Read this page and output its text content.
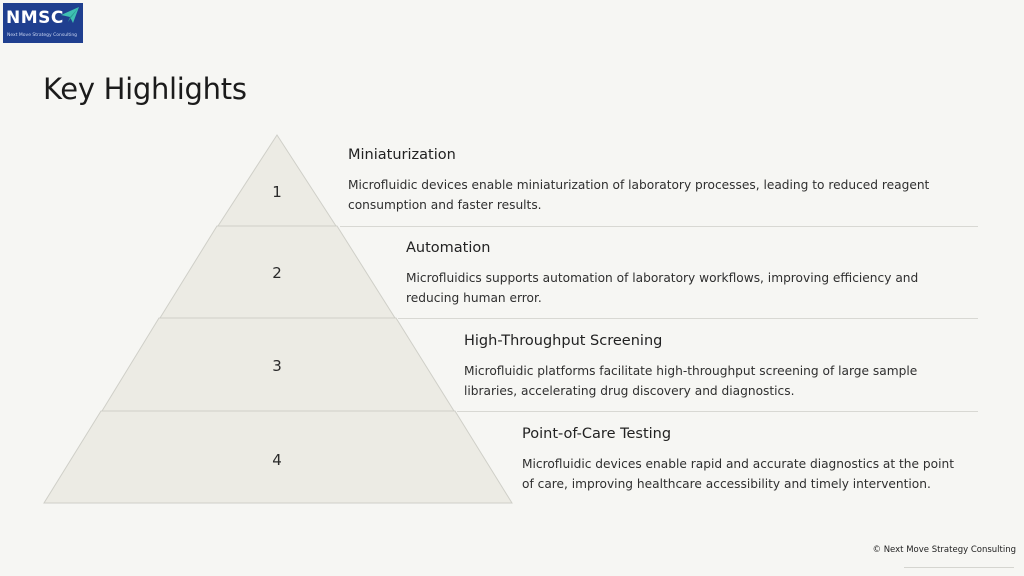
NMSC
Next Move Strategy Consulting
Key Highlights
1
2
3
4
Miniaturization
Microfluidic devices enable miniaturization of laboratory processes, leading to reduced reagent consumption and faster results.
Automation
Microfluidics supports automation of laboratory workflows, improving efficiency and reducing human error.
High-Throughput Screening
Microfluidic platforms facilitate high-throughput screening of large sample libraries, accelerating drug discovery and diagnostics.
Point-of-Care Testing
Microfluidic devices enable rapid and accurate diagnostics at the point of care, improving healthcare accessibility and timely intervention.
© Next Move Strategy Consulting
